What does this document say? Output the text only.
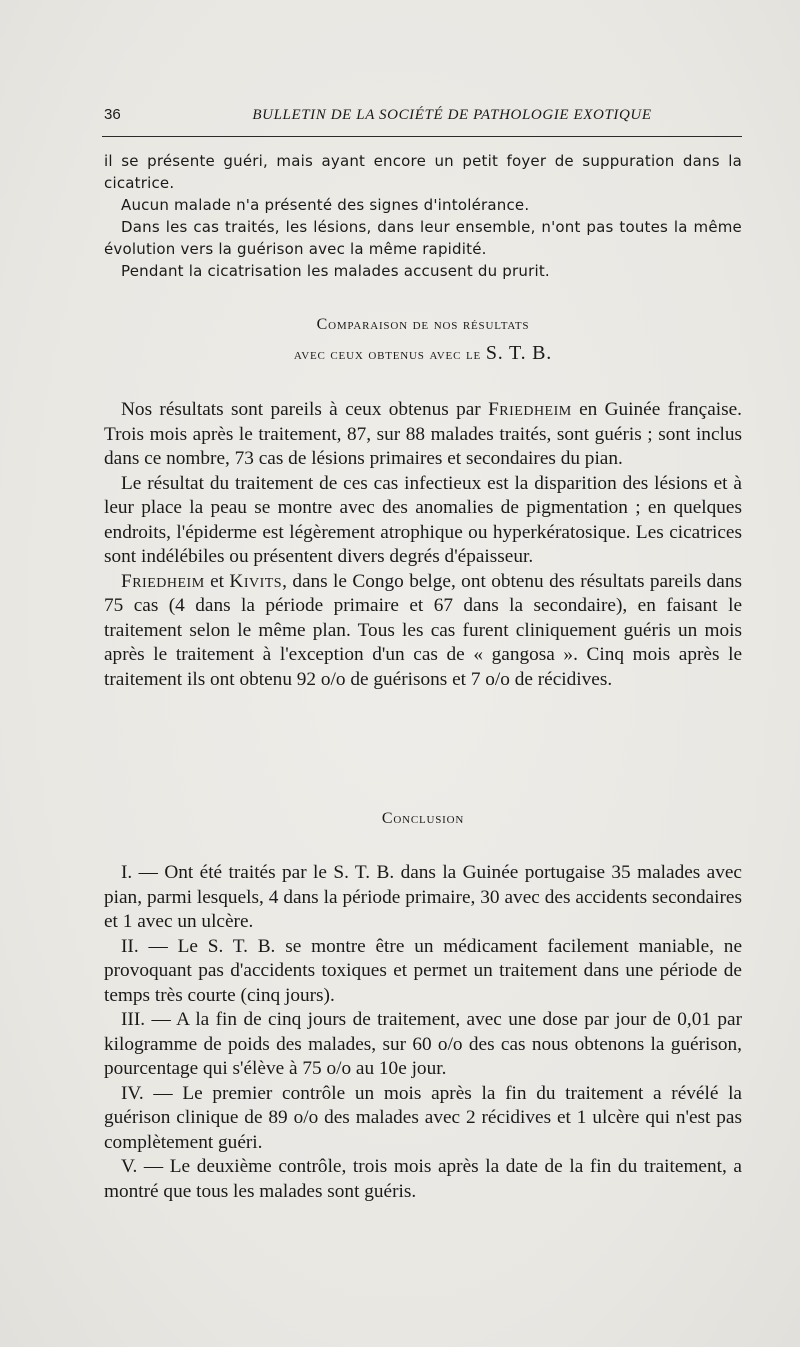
36	BULLETIN DE LA SOCIÉTÉ DE PATHOLOGIE EXOTIQUE

il se présente guéri, mais ayant encore un petit foyer de suppuration dans la cicatrice.

Aucun malade n'a présenté des signes d'intolérance.

Dans les cas traités, les lésions, dans leur ensemble, n'ont pas toutes la même évolution vers la guérison avec la même rapidité.

Pendant la cicatrisation les malades accusent du prurit.

Comparaison de nos résultats
avec ceux obtenus avec le S. T. B.

Nos résultats sont pareils à ceux obtenus par Friedheim en Guinée française. Trois mois après le traitement, 87, sur 88 malades traités, sont guéris ; sont inclus dans ce nombre, 73 cas de lésions primaires et secondaires du pian.

Le résultat du traitement de ces cas infectieux est la disparition des lésions et à leur place la peau se montre avec des anomalies de pigmentation ; en quelques endroits, l'épiderme est légèrement atrophique ou hyperkératosique. Les cicatrices sont indélébiles ou présentent divers degrés d'épaisseur.

Friedheim et Kivits, dans le Congo belge, ont obtenu des résultats pareils dans 75 cas (4 dans la période primaire et 67 dans la secondaire), en faisant le traitement selon le même plan. Tous les cas furent cliniquement guéris un mois après le traitement à l'exception d'un cas de « gangosa ». Cinq mois après le traitement ils ont obtenu 92 o/o de guérisons et 7 o/o de récidives.

Conclusion

I. — Ont été traités par le S. T. B. dans la Guinée portugaise 35 malades avec pian, parmi lesquels, 4 dans la période primaire, 30 avec des accidents secondaires et 1 avec un ulcère.

II. — Le S. T. B. se montre être un médicament facilement maniable, ne provoquant pas d'accidents toxiques et permet un traitement dans une période de temps très courte (cinq jours).

III. — A la fin de cinq jours de traitement, avec une dose par jour de 0,01 par kilogramme de poids des malades, sur 60 o/o des cas nous obtenons la guérison, pourcentage qui s'élève à 75 o/o au 10e jour.

IV. — Le premier contrôle un mois après la fin du traitement a révélé la guérison clinique de 89 o/o des malades avec 2 récidives et 1 ulcère qui n'est pas complètement guéri.

V. — Le deuxième contrôle, trois mois après la date de la fin du traitement, a montré que tous les malades sont guéris.
